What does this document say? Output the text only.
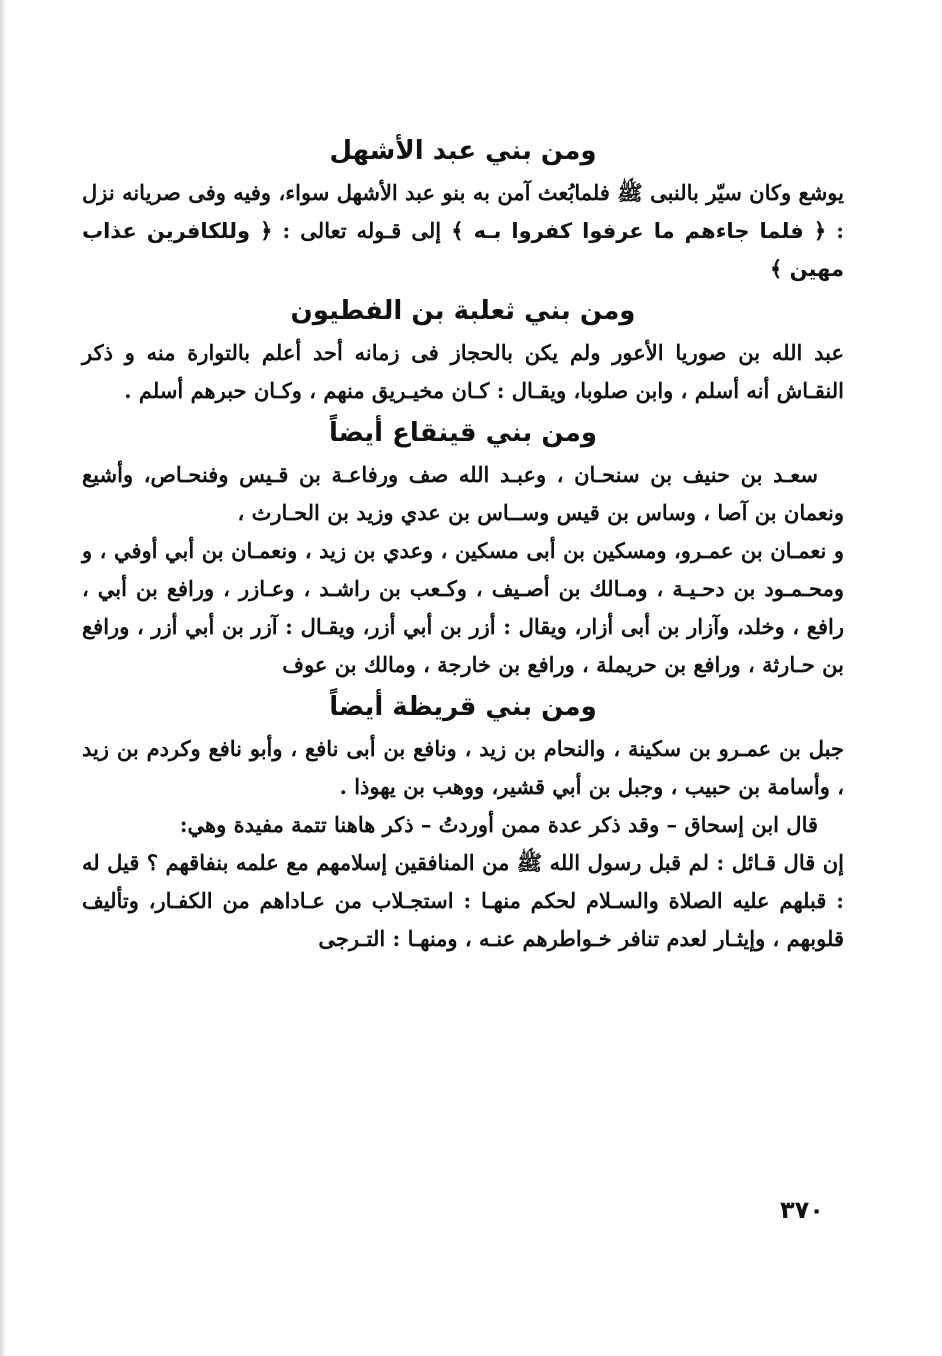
ومن بني عبد الأشهل

يوشع وكان سيّر بالنبى ﷺ فلمابُعث آمن به بنو عبد الأشهل سواء، وفيه وفى صريانه نزل : ﴿ فلما جاءهم ما عرفوا كفروا بـه ﴾ إلى قـوله تعالى : ﴿ وللكافرين عذاب مهين ﴾

ومن بني ثعلبة بن الفطيون

عبد الله بن صوريا الأعور ولم يكن بالحجاز فى زمانه أحد أعلم بالتوارة منه و ذكر النقـاش أنه أسلم ، وابن صلوبا، ويقـال : كـان مخيـريق منهم ، وكـان حبرهم أسلم .

ومن بني قينقاع أيضاً

سعـد بن حنيف بن سنحـان ، وعبـد الله صف ورفاعـة بن قـيس وفنحـاص، وأشيع ونعمان بن آصا ، وساس بن قيس وســاس بن عدي وزيد بن الحـارث ،

و نعمـان بن عمـرو، ومسكين بن أبى مسكين ، وعدي بن زيد ، ونعمـان بن أبي أوفي ، و ومحـمـود بن دحـيـة ، ومـالك بن أصـيف ، وكـعب بن راشـد ، وعـازر ، ورافع بن أبي ، رافع ، وخلد، وآزار بن أبى أزار، ويقال : أزر بن أبي أزر، ويقـال : آزر بن أبي أزر ، ورافع بن حـارثة ، ورافع بن حريملة ، ورافع بن خارجة ، ومالك بن عوف

ومن بني قريظة أيضاً

جبل بن عمـرو بن سكينة ، والنحام بن زيد ، ونافع بن أبى نافع ، وأبو نافع وكردم بن زيد ، وأسامة بن حبيب ، وجبل بن أبي قشير، ووهب بن يهوذا .

قال ابن إسحاق – وقد ذكر عدة ممن أوردتُ – ذكر هاهنا تتمة مفيدة وهي:

إن قال قـائل : لم قبل رسول الله ﷺ من المنافقين إسلامهم مع علمه بنفاقهم ؟ قيل له : قبلهم عليه الصلاة والسـلام لحكم منهـا : استجـلاب من عـاداهم من الكفـار، وتأليف قلوبهم ، وإيثـار لعدم تنافر خـواطرهم عنـه ، ومنهـا : التـرجى

٣٧٠
